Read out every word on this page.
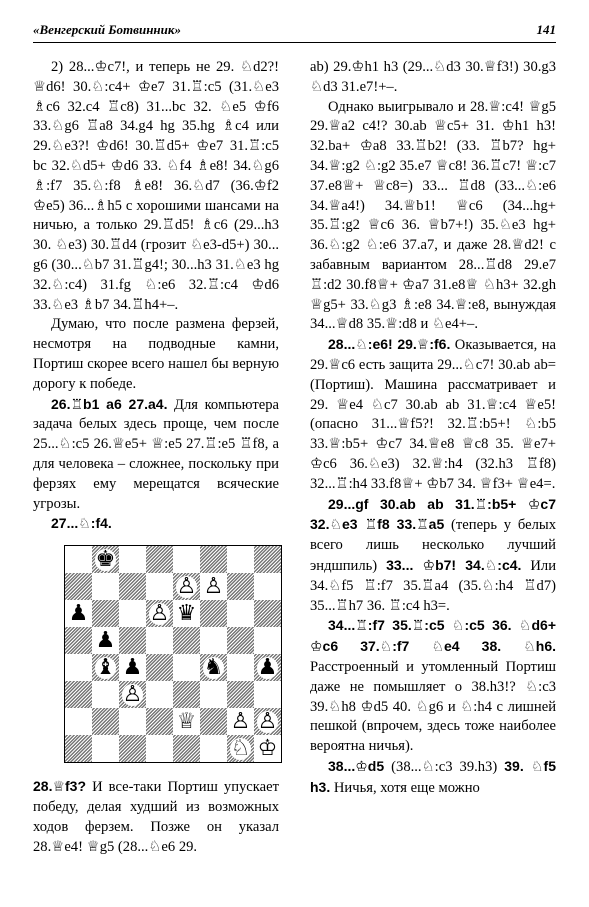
«Венгерский Ботвинник»	141

2) 28...♔c7!, и теперь не 29. ♘d2?! ♕d6! 30.♘:c4+ ♔e7 31.♖:c5 (31.♘e3 ♗c6 32.c4 ♖c8) 31...bc 32. ♘e5 ♔f6 33.♘g6 ♖a8 34.g4 hg 35.hg ♗c4 или 29.♘e3?! ♔d6! 30.♖d5+ ♔e7 31.♖:c5 bc 32.♘d5+ ♔d6 33. ♘f4 ♗e8! 34.♘g6 ♗:f7 35.♘:f8 ♗e8! 36.♘d7 (36.♔f2 ♔e5) 36...♗h5 с хорошими шансами на ничью, а только 29.♖d5! ♗c6 (29...h3 30. ♘e3) 30.♖d4 (грозит ♘e3-d5+) 30... g6 (30...♘b7 31.♖g4!; 30...h3 31.♘e3 hg 32.♘:c4) 31.fg ♘:e6 32.♖:c4 ♔d6 33.♘e3 ♗b7 34.♖h4+–.

Думаю, что после размена ферзей, несмотря на подводные камни, Портиш скорее всего нашел бы верную дорогу к победе.

26.♖b1 a6 27.a4. Для компьютера задача белых здесь проще, чем после 25...♘:c5 26.♕e5+ ♕:e5 27.♖:e5 ♖f8, а для человека – сложнее, поскольку при ферзях ему мерещатся всяческие угрозы.

27...♘:f4.

♚
♙ ♙
♟	♙ ♛
♟
♝ ♟	♞ ♟
♙
♕ ♙ ♙
♘ ♔

28.♕f3? И все-таки Портиш упускает победу, делая худший из возможных ходов ферзем. Позже он указал 28.♕e4! ♕g5 (28...♘e6 29.

ab) 29.♔h1 h3 (29...♘d3 30.♕f3!) 30.g3 ♘d3 31.e7!+–.

Однако выигрывало и 28.♕:c4! ♕g5 29.♕a2 c4!? 30.ab ♕c5+ 31. ♔h1 h3! 32.ba+ ♔a8 33.♖b2! (33. ♖b7? hg+ 34.♕:g2 ♘:g2 35.e7 ♕c8! 36.♖c7! ♕:c7 37.e8♕+ ♕c8=) 33... ♖d8 (33...♘:e6 34.♕a4!) 34.♕b1! ♕c6 (34...hg+ 35.♖:g2 ♕c6 36. ♕b7+!) 35.♘e3 hg+ 36.♘:g2 ♘:e6 37.a7, и даже 28.♕d2! с забавным вариантом 28...♖d8 29.e7 ♖:d2 30.f8♕+ ♔a7 31.e8♕ ♘h3+ 32.gh ♕g5+ 33.♘g3 ♗:e8 34.♕:e8, вынуждая 34...♕d8 35.♕:d8 и ♘e4+–.

28...♘:e6! 29.♕:f6. Оказывается, на 29.♕c6 есть защита 29...♘c7! 30.ab ab= (Портиш). Машина рассматривает и 29. ♕e4 ♘c7 30.ab ab 31.♕:c4 ♕e5! (опасно 31...♕f5?! 32.♖:b5+! ♘:b5 33.♕:b5+ ♔c7 34.♕e8 ♕c8 35. ♕e7+ ♔c6 36.♘e3) 32.♕:h4 (32.h3 ♖f8) 32...♖:h4 33.f8♕+ ♔b7 34. ♕f3+ ♕e4=.

29...gf 30.ab ab 31.♖:b5+ ♔c7 32.♘e3 ♖f8 33.♖a5 (теперь у белых всего лишь несколько лучший эндшпиль) 33... ♔b7! 34.♘:c4. Или 34.♘f5 ♖:f7 35.♖a4 (35.♘:h4 ♖d7) 35...♖h7 36. ♖:c4 h3=.

34...♖:f7 35.♖:c5 ♘:c5 36. ♘d6+ ♔c6 37.♘:f7 ♘e4 38. ♘h6. Расстроенный и утомленный Портиш даже не помышляет о 38.h3!? ♘:c3 39.♘h8 ♔d5 40. ♘g6 и ♘:h4 с лишней пешкой (впрочем, здесь тоже наиболее вероятна ничья).

38...♔d5 (38...♘:c3 39.h3) 39. ♘f5 h3. Ничья, хотя еще можно
